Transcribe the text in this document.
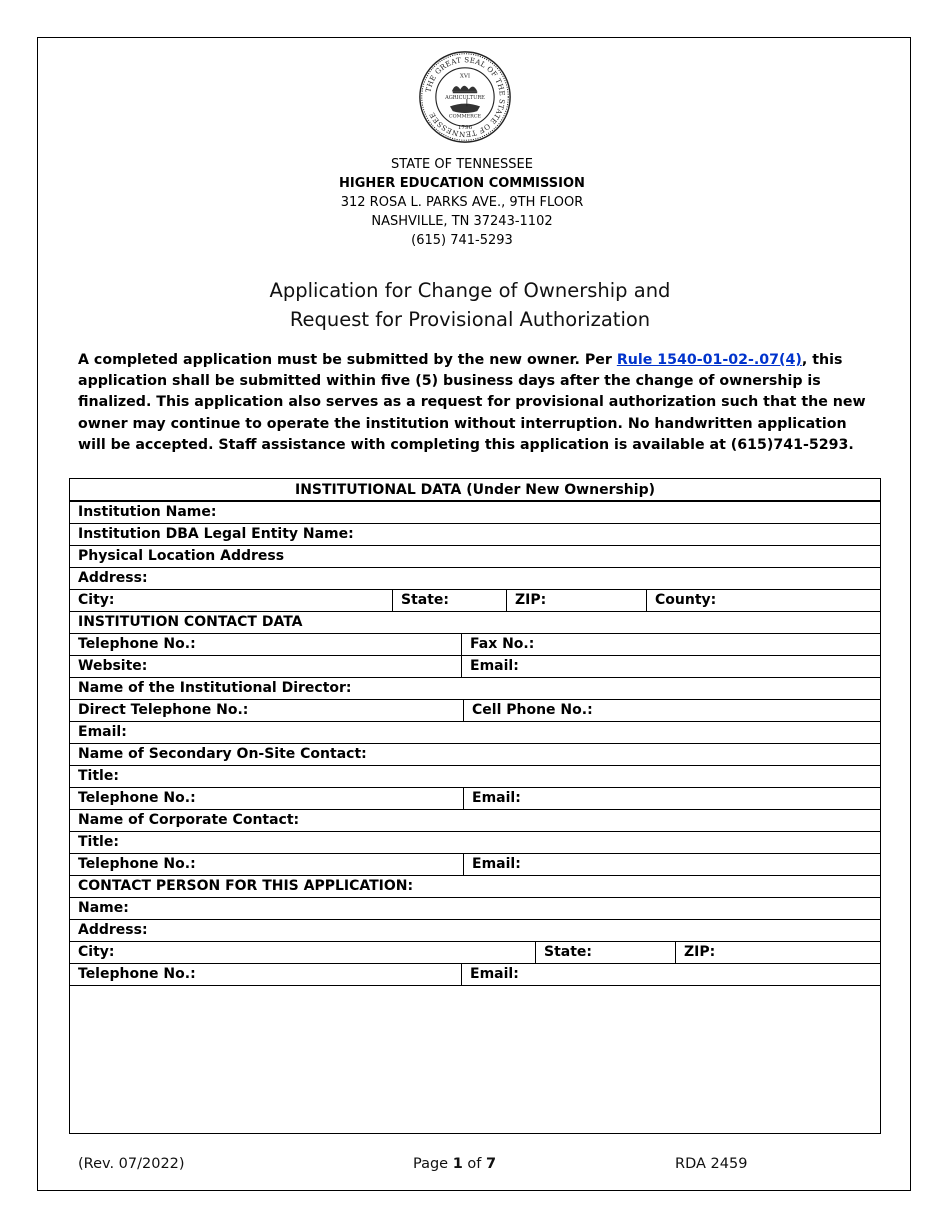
THE GREAT SEAL OF THE STATE OF TENNESSEE
XVI
AGRICULTURE
COMMERCE
1796
STATE OF TENNESSEE
HIGHER EDUCATION COMMISSION
312 ROSA L. PARKS AVE., 9TH FLOOR
NASHVILLE, TN 37243-1102
(615) 741-5293
Application for Change of Ownership and
Request for Provisional Authorization
A completed application must be submitted by the new owner. Per Rule 1540-01-02-.07(4), this application shall be submitted within five (5) business days after the change of ownership is finalized. This application also serves as a request for provisional authorization such that the new owner may continue to operate the institution without interruption. No handwritten application will be accepted. Staff assistance with completing this application is available at (615)741-5293.
INSTITUTIONAL DATA (Under New Ownership)
Institution Name:
Institution DBA Legal Entity Name:
Physical Location Address
Address:
City:	State:	ZIP:	County:
INSTITUTION CONTACT DATA
Telephone No.:	Fax No.:
Website:	Email:
Name of the Institutional Director:
Direct Telephone No.:	Cell Phone No.:
Email:
Name of Secondary On-Site Contact:
Title:
Telephone No.:	Email:
Name of Corporate Contact:
Title:
Telephone No.:	Email:
CONTACT PERSON FOR THIS APPLICATION:
Name:
Address:
City:	State:	ZIP:
Telephone No.:	Email:
(Rev. 07/2022)	Page 1 of 7	RDA 2459
